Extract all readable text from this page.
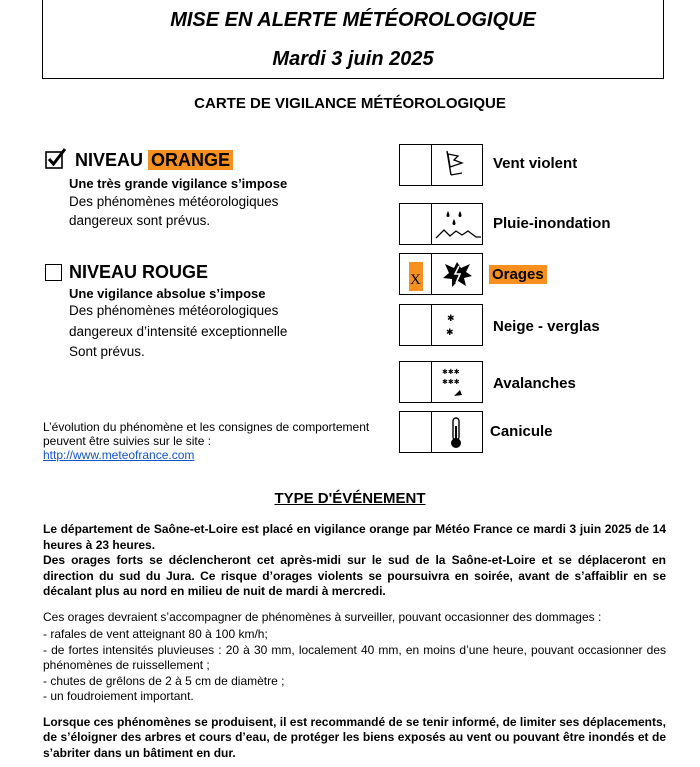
MISE EN ALERTE MÉTÉOROLOGIQUE
Mardi 3 juin 2025
CARTE DE VIGILANCE MÉTÉOROLOGIQUE
NIVEAU ORANGE
Une très grande vigilance s’impose
Des phénomènes météorologiques
dangereux sont prévus.
NIVEAU ROUGE
Une vigilance absolue s’impose
Des phénomènes météorologiques
dangereux d’intensité exceptionnelle
Sont prévus.
Vent violent
Pluie-inondation
X	Orages
✱
✱	Neige - verglas
✱✱✱
✱✱✱ Avalanches
Canicule
L’évolution du phénomène et les consignes de comportement
peuvent être suivies sur le site :
http://www.meteofrance.com
TYPE D'ÉVÉNEMENT

Le département de Saône-et-Loire est placé en vigilance orange par Météo France ce mardi 3 juin 2025 de 14 heures à 23 heures.

Des orages forts se déclencheront cet après-midi sur le sud de la Saône-et-Loire et se déplaceront en direction du sud du Jura. Ce risque d’orages violents se poursuivra en soirée, avant de s’affaiblir en se décalant plus au nord en milieu de nuit de mardi à mercredi.

Ces orages devraient s’accompagner de phénomènes à surveiller, pouvant occasionner des dommages :

- rafales de vent atteignant 80 à 100 km/h;

- de fortes intensités pluvieuses : 20 à 30 mm, localement 40 mm, en moins d’une heure, pouvant occasionner des phénomènes de ruissellement ;

- chutes de grêlons de 2 à 5 cm de diamètre ;

- un foudroiement important.

Lorsque ces phénomènes se produisent, il est recommandé de se tenir informé, de limiter ses déplacements, de s’éloigner des arbres et cours d’eau, de protéger les biens exposés au vent ou pouvant être inondés et de s’abriter dans un bâtiment en dur.
